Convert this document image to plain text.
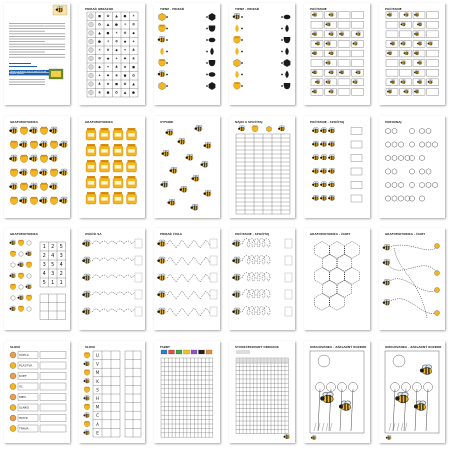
Obsah a pracovné listy sú určené len na osobné použitie
PRIRAĎ OBRÁZOK
◼ ✿ ▲ ● ☀
✿ ▲ ● ☀ ❁
▲ ● ☀ ❁ ◆
● ☀ ❁ ◆ ✦
☀ ❁ ◆ ✦ ♣
❁ ◆ ✦ ♣ ❀
◆ ✦ ♣ ❀ ◼
✦ ♣ ❀ ◼ ✿
♣ ❀ ◼ ✿ ▲
❀ ◼ ✿ ▲ ●
TIENE - PRIRAĎ	TIENE - PRIRAĎ	POČÍTANIE	POČÍTANIE
GRAFOMOTORIKA	GRAFOMOTORIKA	VYFARBI	NÁJDI A SPOČÍTAJ	POČÍTANIE - SPOČÍTAJ	POROVNAJ
GRAFOMOTORIKA
1 2 5
2 4 3
3 5 4
4 3 2
5 1 1
ZVÄČŠI SA	PRIRAĎ ČÍSLA	POČÍTANIE - SPOČÍTAJ	GRAFOMOTORIKA - ČIARY	GRAFOMOTORIKA - ČIARY
SLOVÁ
VČELA
PLÁSTVA
KVET
ÚĽ
MED
SLNKO
HMYZ
TRÁVA
SLOVÁ
U
V
M
K
S
H
M
Č
A
E
FARBY	ŠTVORČEKOVANÝ OBRÁZOK	OMAĽOVÁNKA - ZÁKLADNÝ ROZBOR	OMAĽOVÁNKA - ZÁKLADNÝ ROZBOR
